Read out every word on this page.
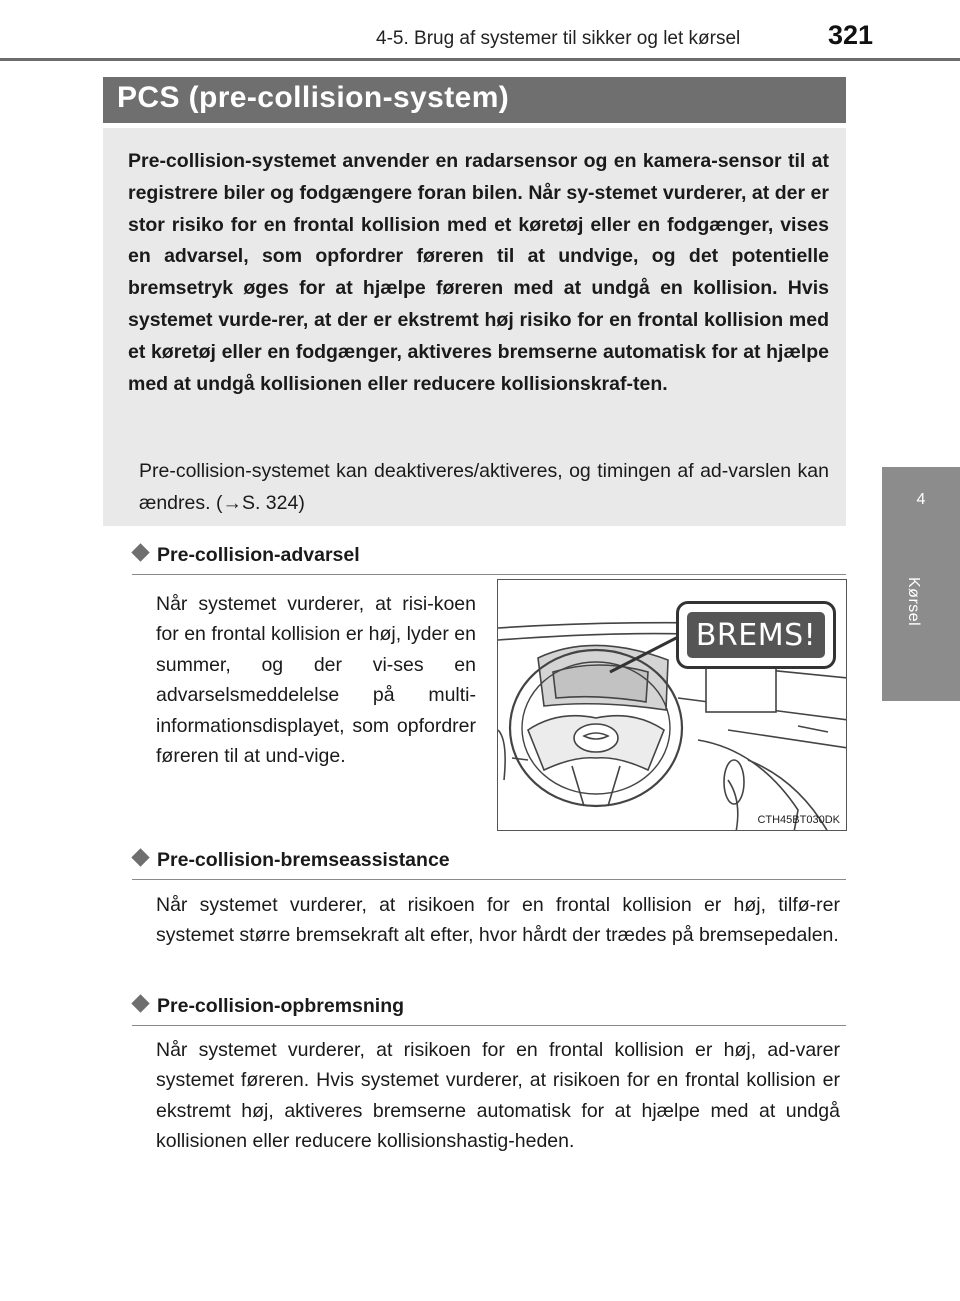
4-5. Brug af systemer til sikker og let kørsel	321
4
Kørsel
PCS (pre-collision-system)
Pre-collision-systemet anvender en radarsensor og en kamera-sensor til at registrere biler og fodgængere foran bilen. Når sy-stemet vurderer, at der er stor risiko for en frontal kollision med et køretøj eller en fodgænger, vises en advarsel, som opfordrer føreren til at undvige, og det potentielle bremsetryk øges for at hjælpe føreren med at undgå en kollision. Hvis systemet vurde-rer, at der er ekstremt høj risiko for en frontal kollision med et køretøj eller en fodgænger, aktiveres bremserne automatisk for at hjælpe med at undgå kollisionen eller reducere kollisionskraf-ten.
Pre-collision-systemet kan deaktiveres/aktiveres, og timingen af ad-varslen kan ændres. (→S. 324)
Pre-collision-advarsel
Når systemet vurderer, at risi-koen for en frontal kollision er høj, lyder en summer, og der vi-ses en advarselsmeddelelse på multi-informationsdisplayet, som opfordrer føreren til at und-vige.
CTH45BT030DK
BREMS!
Pre-collision-bremseassistance
Når systemet vurderer, at risikoen for en frontal kollision er høj, tilfø-rer systemet større bremsekraft alt efter, hvor hårdt der trædes på bremsepedalen.
Pre-collision-opbremsning
Når systemet vurderer, at risikoen for en frontal kollision er høj, ad-varer systemet føreren. Hvis systemet vurderer, at risikoen for en frontal kollision er ekstremt høj, aktiveres bremserne automatisk for at hjælpe med at undgå kollisionen eller reducere kollisionshastig-heden.
